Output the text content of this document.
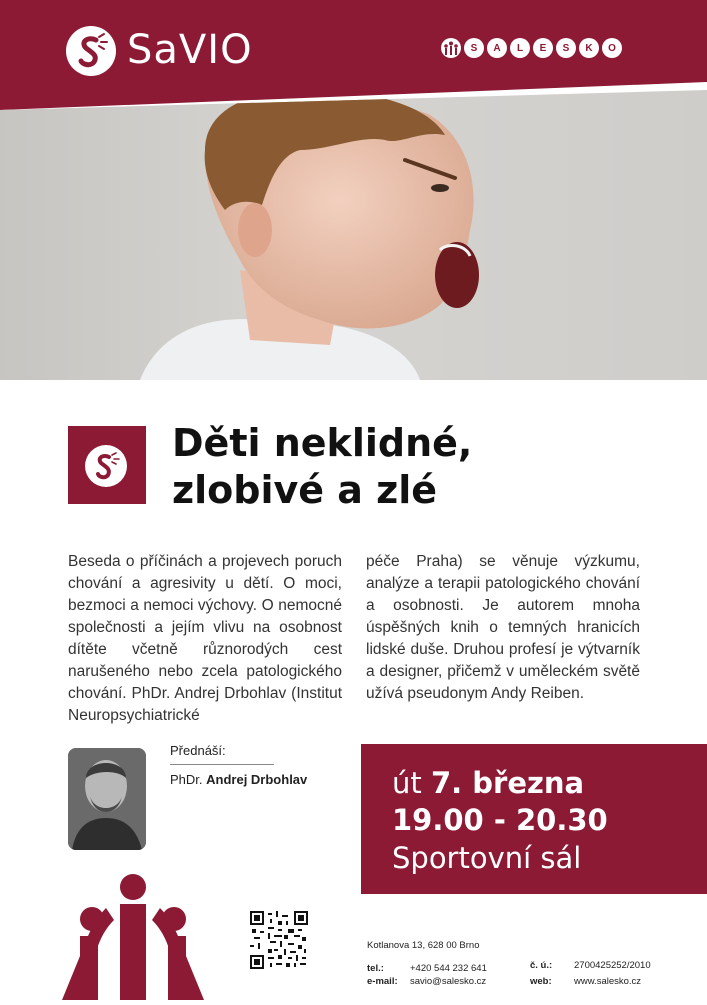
SaVIO	S	A	L	E	S	K	O
Děti neklidné,
zlobivé a zlé
Beseda o příčinách a projevech poruch chování a agresivity u dětí. O moci, bezmoci a nemoci výchovy. O nemocné společnosti a jejím vlivu na osobnost dítěte včetně různorodých cest narušeného nebo zcela patologického chování. PhDr. Andrej Drbohlav (Institut Neuropsychiatrické
péče Praha) se věnuje výzkumu, analýze a terapii patologického chování a osobnosti. Je autorem mnoha úspěšných knih o temných hranicích lidské duše. Druhou profesí je výtvarník a designer, přičemž v uměleckém světě užívá pseudonym Andy Reiben.
Přednáší:
PhDr. Andrej Drbohlav	út 7. března
19.00 - 20.30
Sportovní sál
Kotlanova 13, 628 00 Brno
tel.:	+420 544 232 641
e-mail: savio@salesko.cz
č. ú.: 2700425252/2010
web: www.salesko.cz
